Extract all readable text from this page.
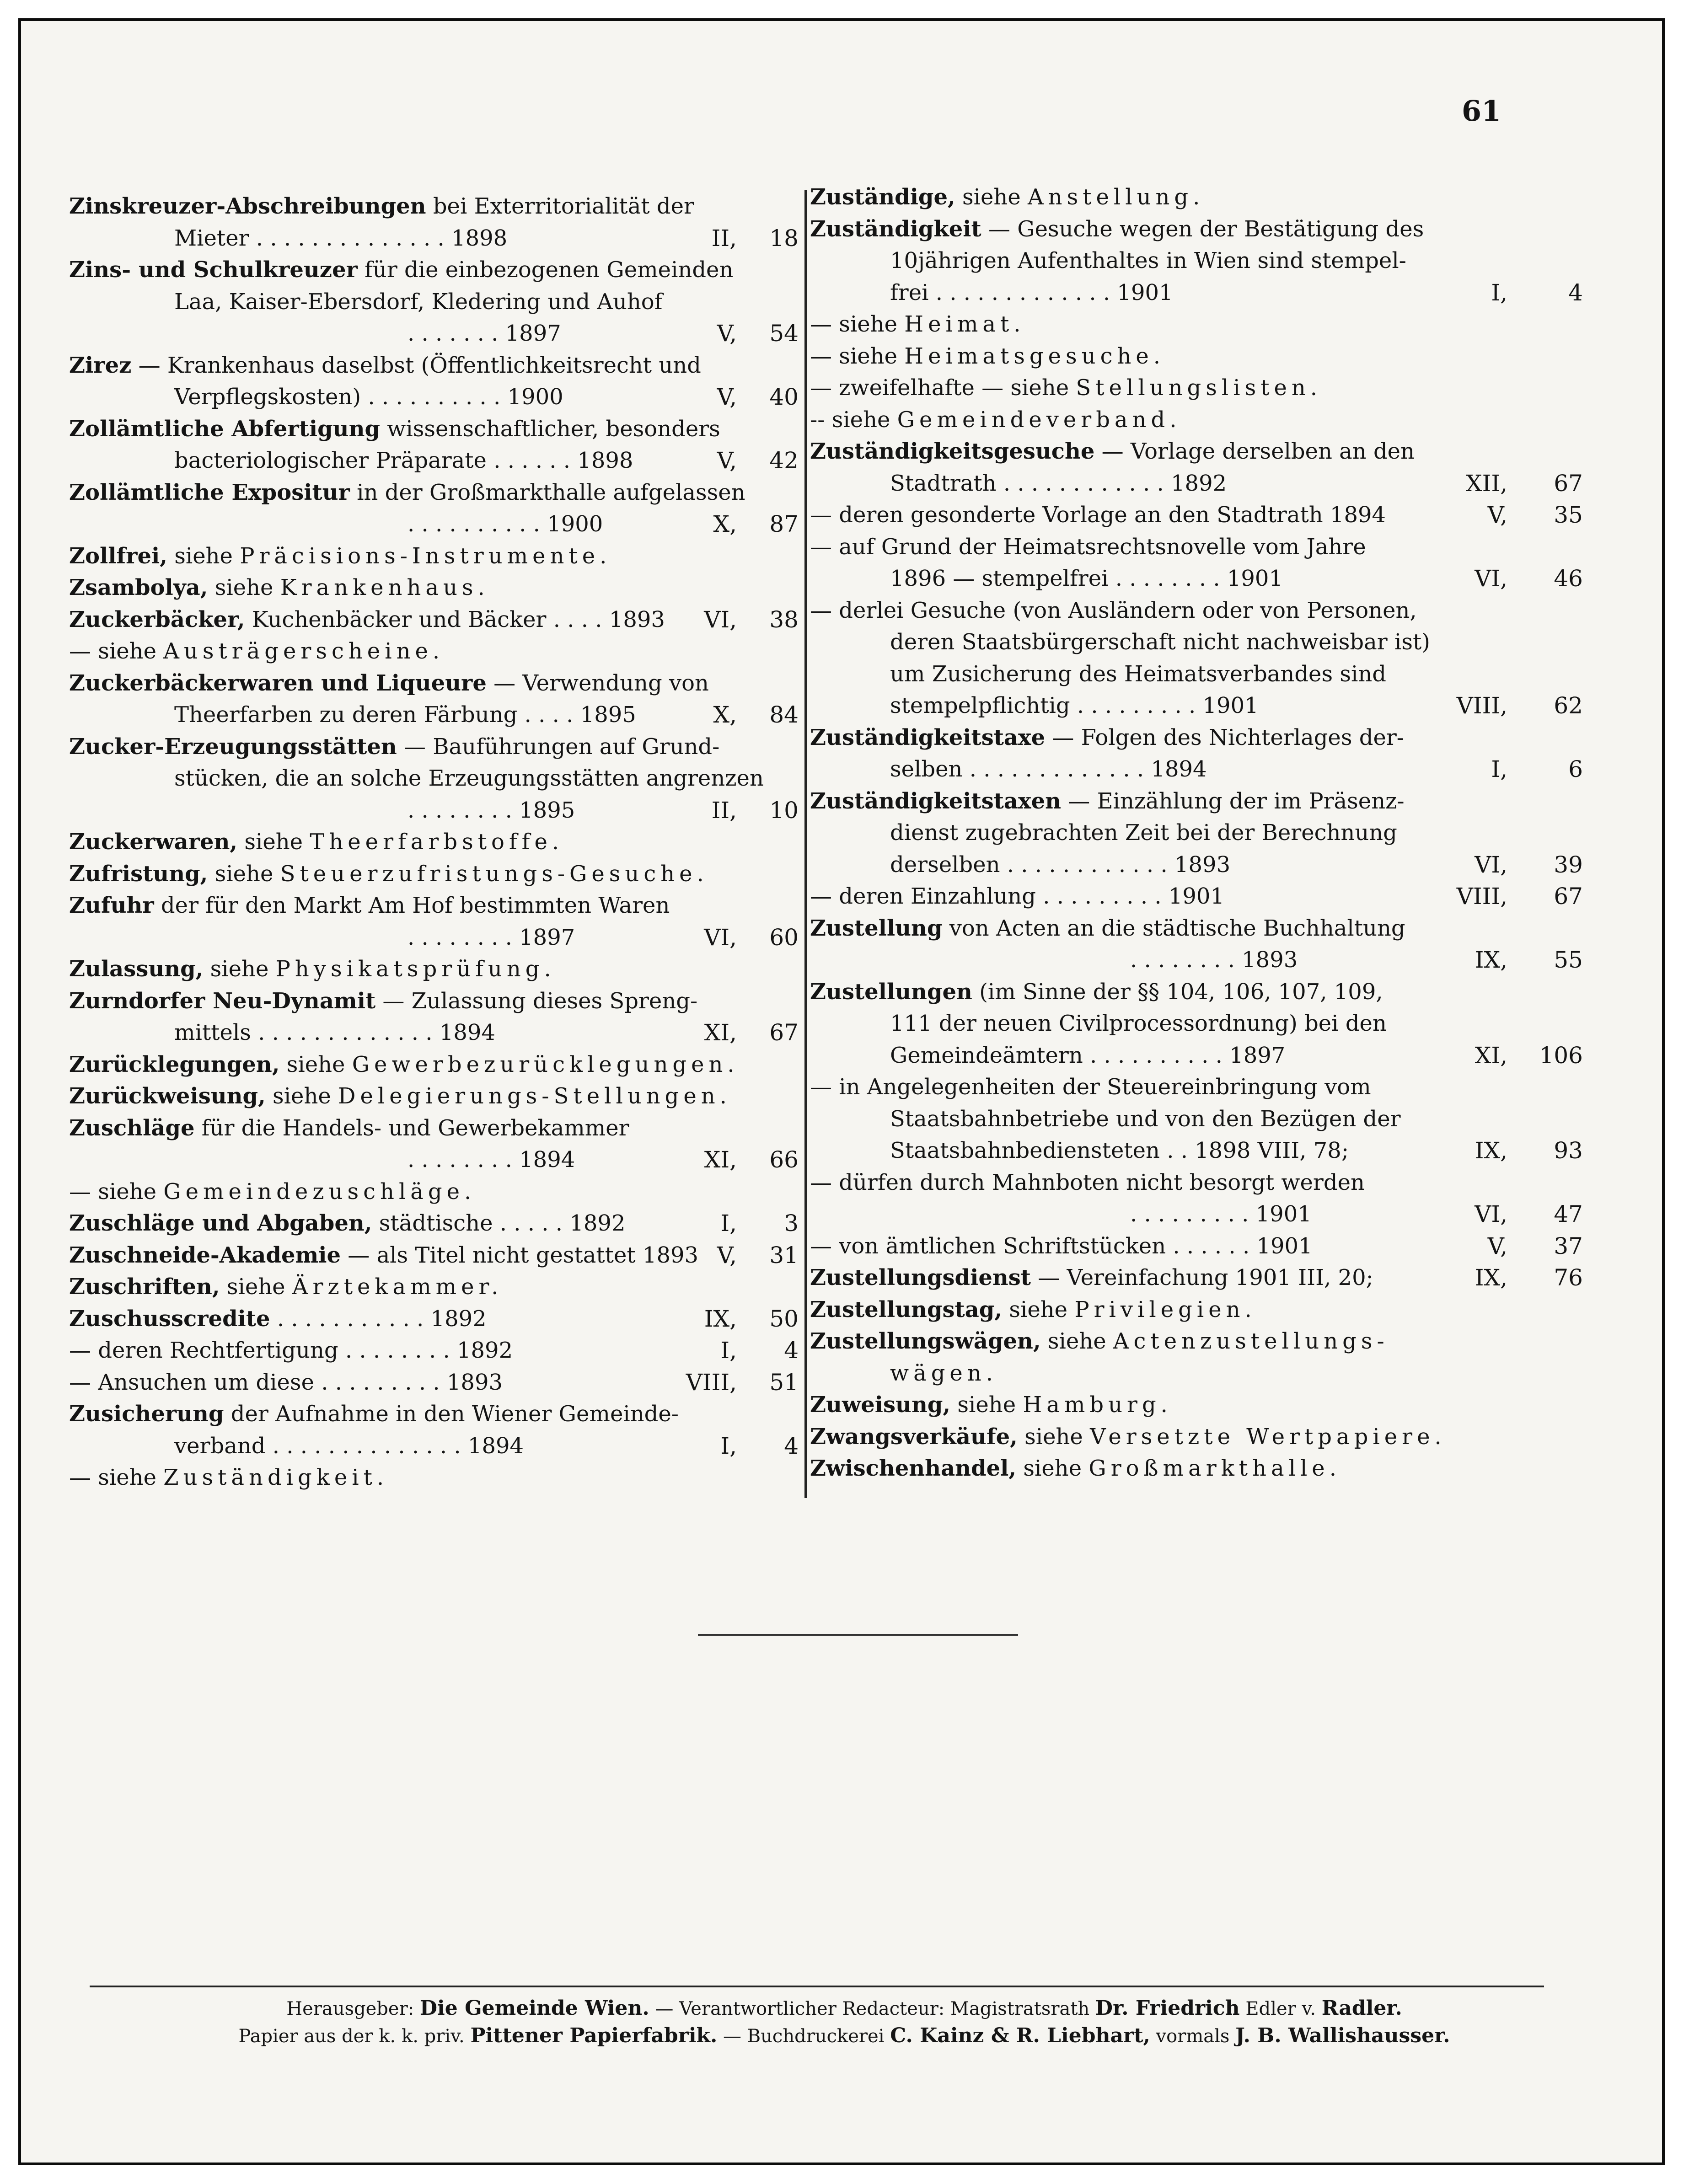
61
Zinskreuzer-Abschreibungen bei Exterritorialität der
Mieter . . . . . . . . . . . . . . 1898	II, 18
Zins- und Schulkreuzer für die einbezogenen Gemeinden
Laa, Kaiser-Ebersdorf, Kledering und Auhof
. . . . . . . 1897	V, 54
Zirez — Krankenhaus daselbst (Öffentlichkeitsrecht und
Verpflegskosten) . . . . . . . . . . 1900	V, 40
Zollämtliche Abfertigung wissenschaftlicher, besonders
bacteriologischer Präparate . . . . . . 1898	V, 42
Zollämtliche Expositur in der Großmarkthalle aufgelassen
. . . . . . . . . . 1900	X, 87
Zollfrei, siehe Präcisions-Instrumente.
Zsambolya, siehe Krankenhaus.
Zuckerbäcker, Kuchenbäcker und Bäcker . . . . 1893 VI, 38
— siehe Austrägerscheine.
Zuckerbäckerwaren und Liqueure — Verwendung von
Theerfarben zu deren Färbung . . . . 1895	X, 84
Zucker-Erzeugungsstätten — Bauführungen auf Grund-
stücken, die an solche Erzeugungsstätten angrenzen
. . . . . . . . 1895	II, 10
Zuckerwaren, siehe Theerfarbstoffe.
Zufristung, siehe Steuerzufristungs-Gesuche.
Zufuhr der für den Markt Am Hof bestimmten Waren
. . . . . . . . 1897	VI, 60
Zulassung, siehe Physikatsprüfung.
Zurndorfer Neu-Dynamit — Zulassung dieses Spreng-
mittels . . . . . . . . . . . . . 1894	XI, 67
Zurücklegungen, siehe Gewerbezurücklegungen.
Zurückweisung, siehe Delegierungs-Stellungen.
Zuschläge für die Handels- und Gewerbekammer
. . . . . . . . 1894	XI, 66
— siehe Gemeindezuschläge.
Zuschläge und Abgaben, städtische . . . . . 1892	I, 3
Zuschneide-Akademie — als Titel nicht gestattet 1893 V, 31
Zuschriften, siehe Ärztekammer.
Zuschusscredite . . . . . . . . . . . 1892	IX, 50
— deren Rechtfertigung . . . . . . . . 1892	I, 4
— Ansuchen um diese . . . . . . . . . 1893	VIII, 51
Zusicherung der Aufnahme in den Wiener Gemeinde-
verband . . . . . . . . . . . . . . 1894	I, 4
— siehe Zuständigkeit.
Zuständige, siehe Anstellung.
Zuständigkeit — Gesuche wegen der Bestätigung des
10jährigen Aufenthaltes in Wien sind stempel-
frei . . . . . . . . . . . . . 1901	I,	4
— siehe Heimat.
— siehe Heimatsgesuche.
— zweifelhafte — siehe Stellungslisten.
-- siehe Gemeindeverband.
Zuständigkeitsgesuche — Vorlage derselben an den
Stadtrath . . . . . . . . . . . . 1892	XII, 67
— deren gesonderte Vorlage an den Stadtrath 1894	V, 35
— auf Grund der Heimatsrechtsnovelle vom Jahre
1896 — stempelfrei . . . . . . . . 1901	VI, 46
— derlei Gesuche (von Ausländern oder von Personen,
deren Staatsbürgerschaft nicht nachweisbar ist)
um Zusicherung des Heimatsverbandes sind
stempelpflichtig . . . . . . . . . 1901	VIII, 62
Zuständigkeitstaxe — Folgen des Nichterlages der-
selben . . . . . . . . . . . . . 1894	I,	6
Zuständigkeitstaxen — Einzählung der im Präsenz-
dienst zugebrachten Zeit bei der Berechnung
derselben . . . . . . . . . . . . 1893	VI, 39
— deren Einzahlung . . . . . . . . . 1901	VIII, 67
Zustellung von Acten an die städtische Buchhaltung
. . . . . . . . 1893	IX, 55
Zustellungen (im Sinne der §§ 104, 106, 107, 109,
111 der neuen Civilprocessordnung) bei den
Gemeindeämtern . . . . . . . . . . 1897	XI, 106
— in Angelegenheiten der Steuereinbringung vom
Staatsbahnbetriebe und von den Bezügen der
Staatsbahnbediensteten . . 1898 VIII, 78;	IX, 93
— dürfen durch Mahnboten nicht besorgt werden
. . . . . . . . . 1901	VI, 47
— von ämtlichen Schriftstücken . . . . . . 1901	V, 37
Zustellungsdienst — Vereinfachung 1901 III, 20;	IX, 76
Zustellungstag, siehe Privilegien.
Zustellungswägen, siehe Actenzustellungs-
wägen.
Zuweisung, siehe Hamburg.
Zwangsverkäufe, siehe Versetzte Wertpapiere.
Zwischenhandel, siehe Großmarkthalle.
Herausgeber: Die Gemeinde Wien. — Verantwortlicher Redacteur: Magistratsrath Dr. Friedrich Edler v. Radler.
Papier aus der k. k. priv. Pittener Papierfabrik. — Buchdruckerei C. Kainz & R. Liebhart, vormals J. B. Wallishausser.
